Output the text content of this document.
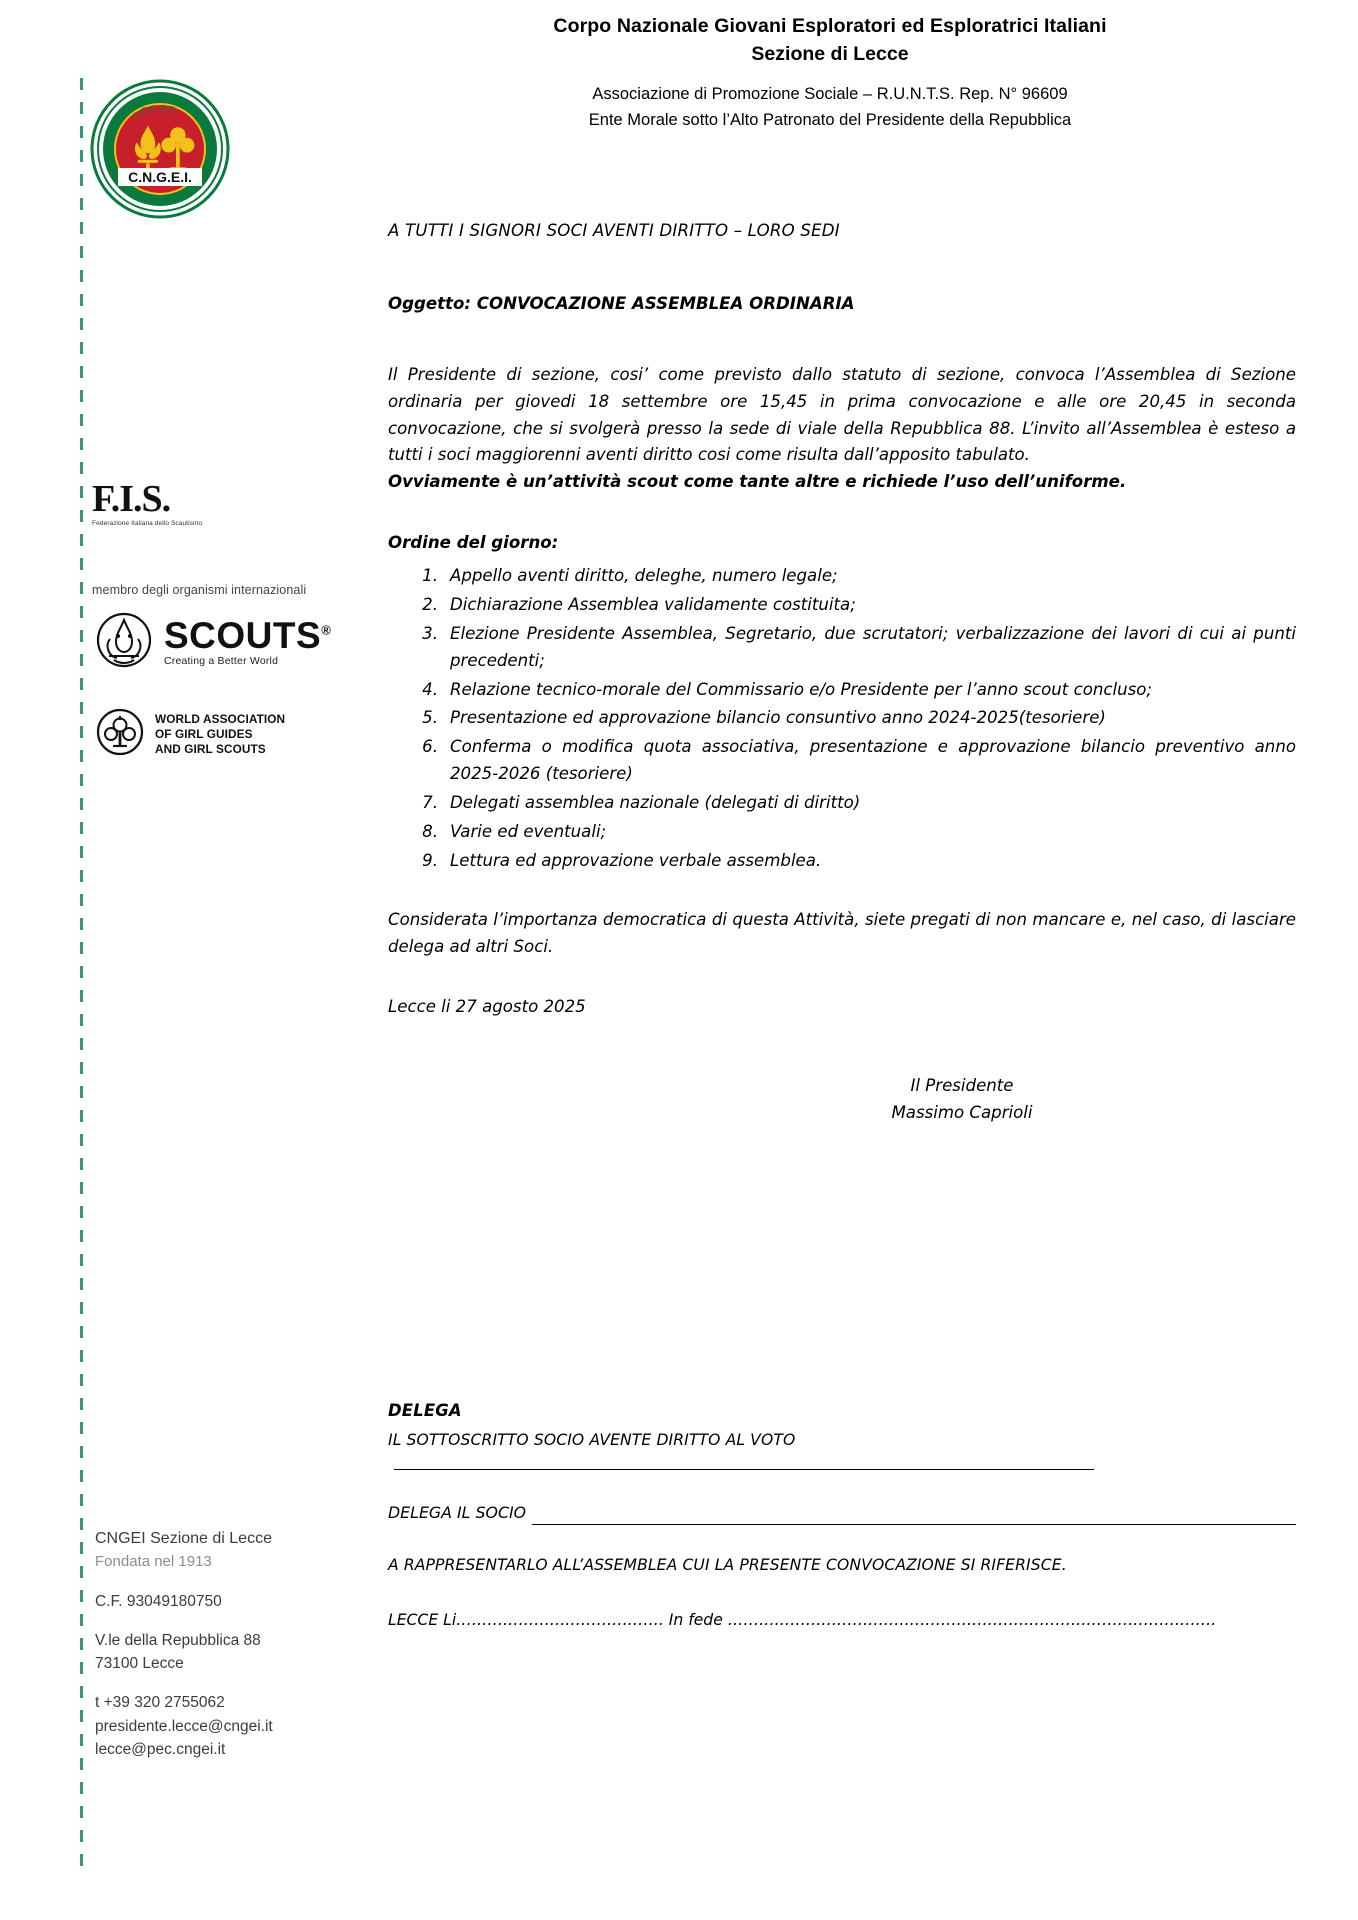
Corpo Nazionale Giovani Esploratori ed Esploratrici Italiani
Sezione di Lecce
Associazione di Promozione Sociale – R.U.N.T.S. Rep. N° 96609
Ente Morale sotto l’Alto Patronato del Presidente della Repubblica
LECCE
C.N.G.E.I.
F.I.S.
Federazione Italiana dello Scautismo
membro degli organismi internazionali
SCOUTS®
Creating a Better World
WORLD ASSOCIATION
OF GIRL GUIDES
AND GIRL SCOUTS
A TUTTI I SIGNORI SOCI AVENTI DIRITTO – LORO SEDI
Oggetto: CONVOCAZIONE ASSEMBLEA ORDINARIA

Il Presidente di sezione, cosi’ come previsto dallo statuto di sezione, convoca l’Assemblea di Sezione ordinaria per giovedi 18 settembre ore 15,45 in prima convocazione e alle ore 20,45 in seconda convocazione, che si svolgerà presso la sede di viale della Repubblica 88. L’invito all’Assemblea è esteso a tutti i soci maggiorenni aventi diritto cosi come risulta dall’apposito tabulato.

Ovviamente è un’attività scout come tante altre e richiede l’uso dell’uniforme.

Ordine del giorno:
Appello aventi diritto, deleghe, numero legale;
Dichiarazione Assemblea validamente costituita;
Elezione Presidente Assemblea, Segretario, due scrutatori; verbalizzazione dei lavori di cui ai punti precedenti;
Relazione tecnico-morale del Commissario e/o Presidente per l’anno scout concluso;
Presentazione ed approvazione bilancio consuntivo anno 2024-2025(tesoriere)
Conferma o modifica quota associativa, presentazione e approvazione bilancio preventivo anno 2025-2026 (tesoriere)
Delegati assemblea nazionale (delegati di diritto)
Varie ed eventuali;
Lettura ed approvazione verbale assemblea.

Considerata l’importanza democratica di questa Attività, siete pregati di non mancare e, nel caso, di lasciare delega ad altri Soci.

Lecce li 27 agosto 2025

Il Presidente
Massimo Caprioli
DELEGA
IL SOTTOSCRITTO SOCIO AVENTE DIRITTO AL VOTO
DELEGA IL SOCIO
A RAPPRESENTARLO ALL’ASSEMBLEA CUI LA PRESENTE CONVOCAZIONE SI RIFERISCE.
LECCE Li…………………………………. In fede ………………………………………………………………………………….
CNGEI Sezione di Lecce
Fondata nel 1913
C.F. 93049180750
V.le della Repubblica 88
73100 Lecce
t +39 320 2755062
presidente.lecce@cngei.it
lecce@pec.cngei.it
